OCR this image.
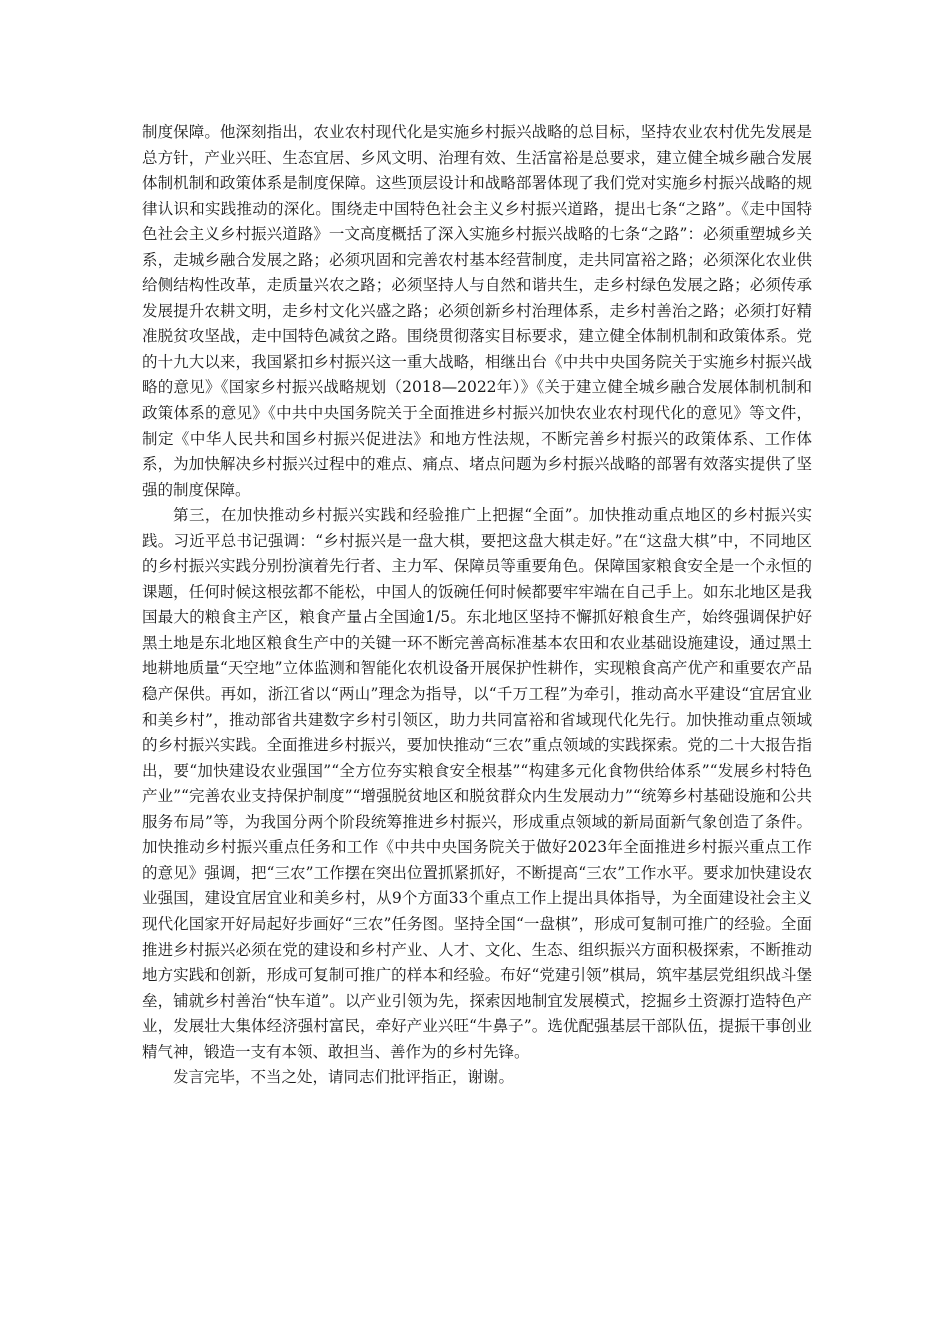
制度保障。他深刻指出，农业农村现代化是实施乡村振兴战略的总目标，坚持农业农村优先发展是总方针，产业兴旺、生态宜居、乡风文明、治理有效、生活富裕是总要求，建立健全城乡融合发展体制机制和政策体系是制度保障。这些顶层设计和战略部署体现了我们党对实施乡村振兴战略的规律认识和实践推动的深化。围绕走中国特色社会主义乡村振兴道路，提出七条“之路”。《走中国特色社会主义乡村振兴道路》一文高度概括了深入实施乡村振兴战略的七条“之路”：必须重塑城乡关系，走城乡融合发展之路；必须巩固和完善农村基本经营制度，走共同富裕之路；必须深化农业供给侧结构性改革，走质量兴农之路；必须坚持人与自然和谐共生，走乡村绿色发展之路；必须传承发展提升农耕文明，走乡村文化兴盛之路；必须创新乡村治理体系，走乡村善治之路；必须打好精准脱贫攻坚战，走中国特色减贫之路。围绕贯彻落实目标要求，建立健全体制机制和政策体系。党的十九大以来，我国紧扣乡村振兴这一重大战略，相继出台《中共中央国务院关于实施乡村振兴战略的意见》《国家乡村振兴战略规划（2018—2022年）》《关于建立健全城乡融合发展体制机制和政策体系的意见》《中共中央国务院关于全面推进乡村振兴加快农业农村现代化的意见》等文件，制定《中华人民共和国乡村振兴促进法》和地方性法规，不断完善乡村振兴的政策体系、工作体系，为加快解决乡村振兴过程中的难点、痛点、堵点问题为乡村振兴战略的部署有效落实提供了坚强的制度保障。

第三，在加快推动乡村振兴实践和经验推广上把握“全面”。加快推动重点地区的乡村振兴实践。习近平总书记强调：“乡村振兴是一盘大棋，要把这盘大棋走好。”在“这盘大棋”中，不同地区的乡村振兴实践分别扮演着先行者、主力军、保障员等重要角色。保障国家粮食安全是一个永恒的课题，任何时候这根弦都不能松，中国人的饭碗任何时候都要牢牢端在自己手上。如东北地区是我国最大的粮食主产区，粮食产量占全国逾1/5。东北地区坚持不懈抓好粮食生产，始终强调保护好黑土地是东北地区粮食生产中的关键一环不断完善高标准基本农田和农业基础设施建设，通过黑土地耕地质量“天空地”立体监测和智能化农机设备开展保护性耕作，实现粮食高产优产和重要农产品稳产保供。再如，浙江省以“两山”理念为指导，以“千万工程”为牵引，推动高水平建设“宜居宜业和美乡村”，推动部省共建数字乡村引领区，助力共同富裕和省域现代化先行。加快推动重点领域的乡村振兴实践。全面推进乡村振兴，要加快推动“三农”重点领域的实践探索。党的二十大报告指出，要“加快建设农业强国”“全方位夯实粮食安全根基”“构建多元化食物供给体系”“发展乡村特色产业”“完善农业支持保护制度”“增强脱贫地区和脱贫群众内生发展动力”“统筹乡村基础设施和公共服务布局”等，为我国分两个阶段统筹推进乡村振兴，形成重点领域的新局面新气象创造了条件。加快推动乡村振兴重点任务和工作《中共中央国务院关于做好2023年全面推进乡村振兴重点工作的意见》强调，把“三农”工作摆在突出位置抓紧抓好，不断提高“三农”工作水平。要求加快建设农业强国，建设宜居宜业和美乡村，从9个方面33个重点工作上提出具体指导，为全面建设社会主义现代化国家开好局起好步画好“三农”任务图。坚持全国“一盘棋”，形成可复制可推广的经验。全面推进乡村振兴必须在党的建设和乡村产业、人才、文化、生态、组织振兴方面积极探索，不断推动地方实践和创新，形成可复制可推广的样本和经验。布好“党建引领”棋局，筑牢基层党组织战斗堡垒，铺就乡村善治“快车道”。以产业引领为先，探索因地制宜发展模式，挖掘乡土资源打造特色产业，发展壮大集体经济强村富民，牵好产业兴旺“牛鼻子”。选优配强基层干部队伍，提振干事创业精气神，锻造一支有本领、敢担当、善作为的乡村先锋。

发言完毕，不当之处，请同志们批评指正，谢谢。
